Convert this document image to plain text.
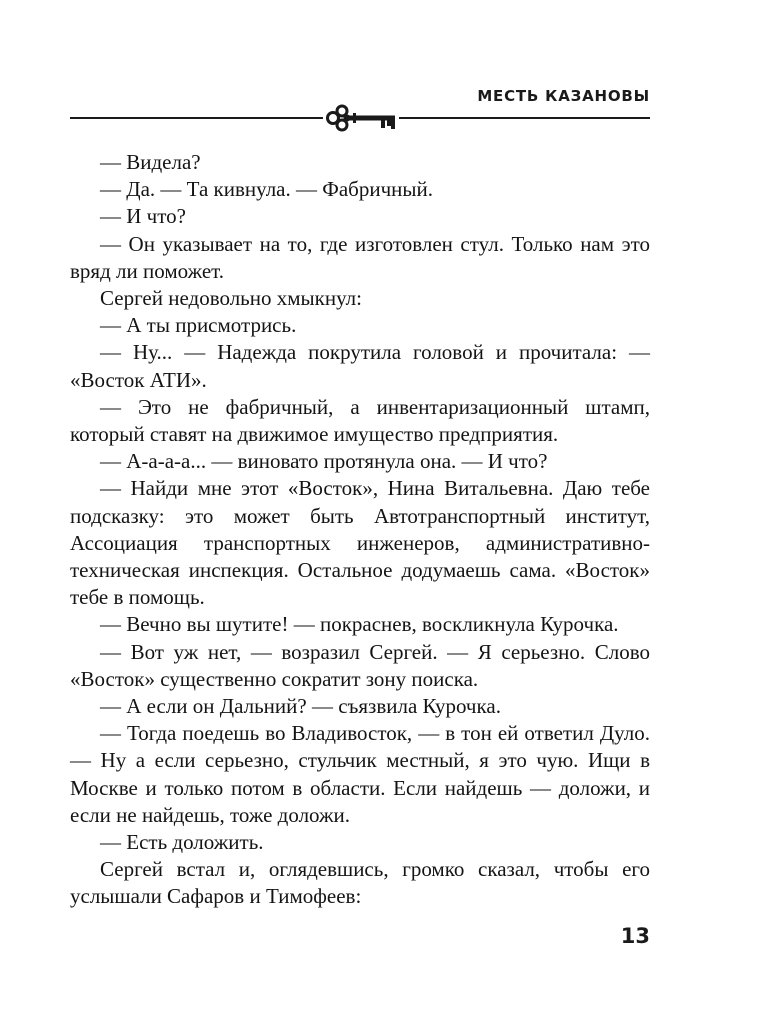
МЕСТЬ КАЗАНОВЫ

— Видела?

— Да. — Та кивнула. — Фабричный.

— И что?

— Он указывает на то, где изготовлен стул. Только нам это вряд ли поможет.

Сергей недовольно хмыкнул:

— А ты присмотрись.

— Ну... — Надежда покрутила головой и прочитала: — «Восток АТИ».

— Это не фабричный, а инвентаризационный штамп, который ставят на движимое имущество предприятия.

— А-а-а-а... — виновато протянула она. — И что?

— Найди мне этот «Восток», Нина Витальевна. Даю тебе подсказку: это может быть Автотранспортный институт, Ассоциация транспортных инженеров, административно-техническая инспекция. Остальное додумаешь сама. «Восток» тебе в помощь.

— Вечно вы шутите! — покраснев, воскликнула Курочка.

— Вот уж нет, — возразил Сергей. — Я серьезно. Слово «Восток» существенно сократит зону поиска.

— А если он Дальний? — съязвила Курочка.

— Тогда поедешь во Владивосток, — в тон ей ответил Дуло. — Ну а если серьезно, стульчик местный, я это чую. Ищи в Москве и только потом в области. Если найдешь — доложи, и если не найдешь, тоже доложи.

— Есть доложить.

Сергей встал и, оглядевшись, громко сказал, чтобы его услышали Сафаров и Тимофеев:

13
